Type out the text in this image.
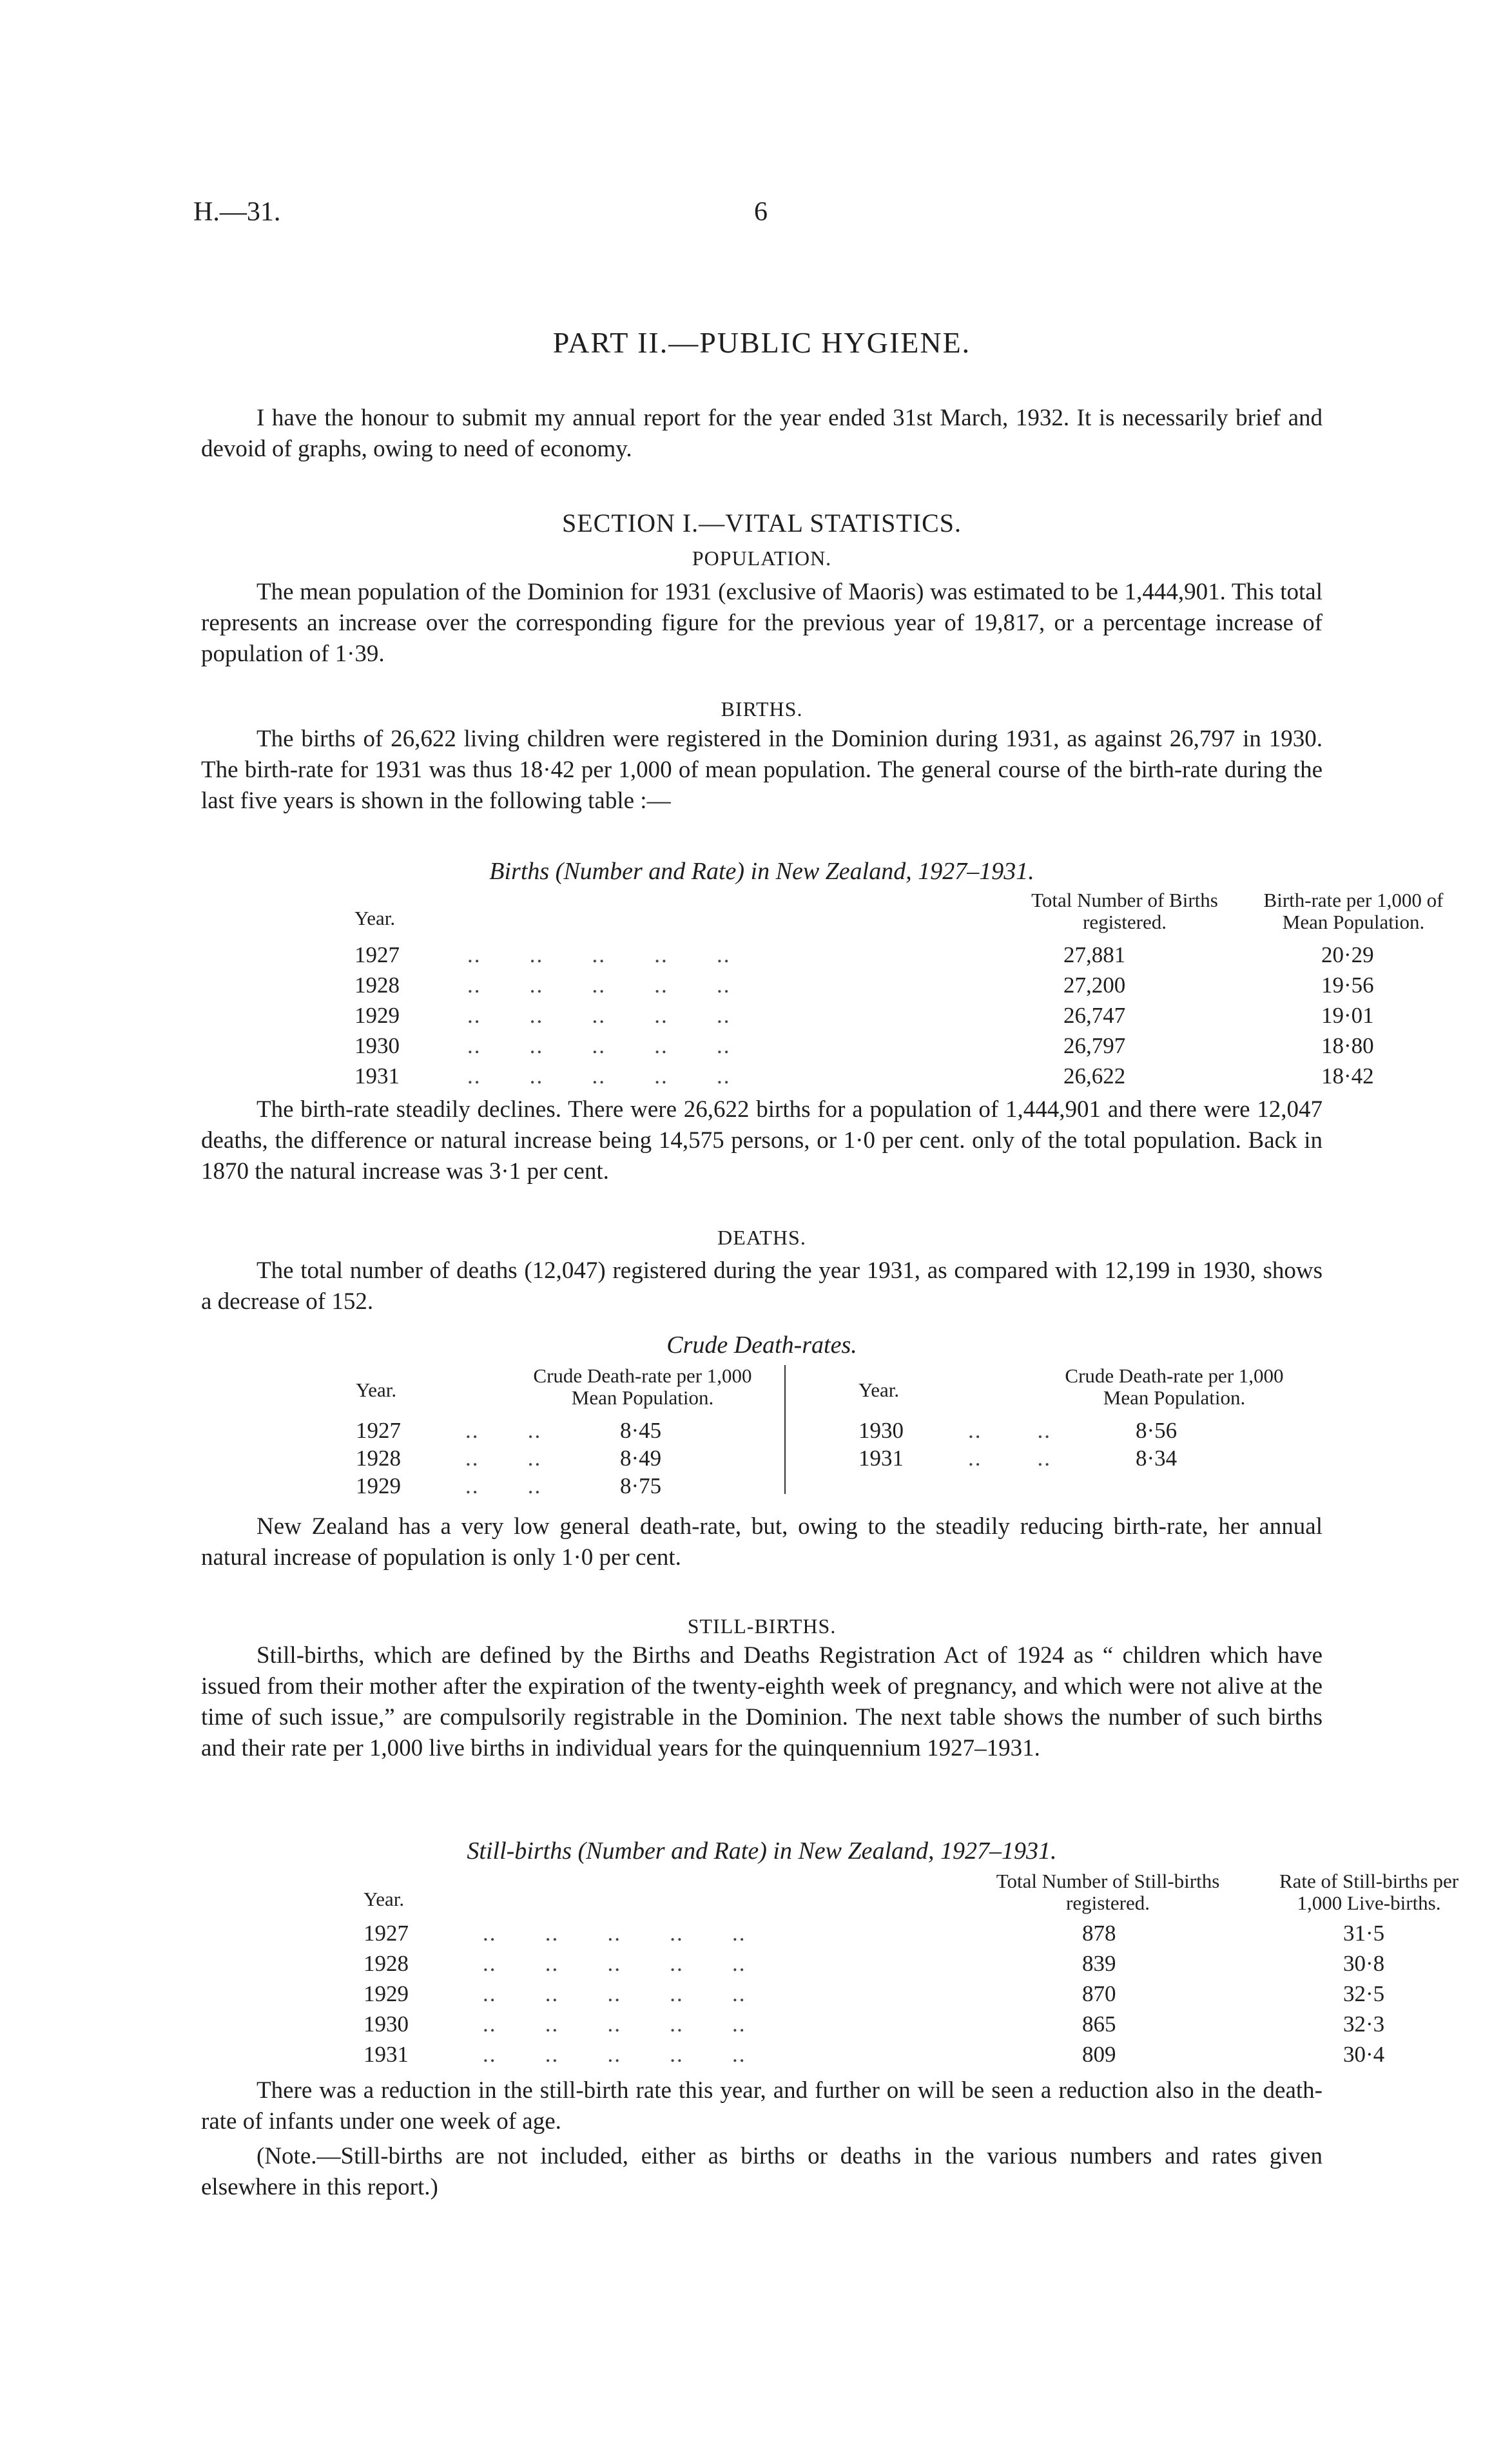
H.—31.	6
PART II.—PUBLIC HYGIENE.
I have the honour to submit my annual report for the year ended 31st March, 1932. It is necessarily brief and devoid of graphs, owing to need of economy.
SECTION I.—VITAL STATISTICS.
POPULATION.
The mean population of the Dominion for 1931 (exclusive of Maoris) was estimated to be 1,444,901. This total represents an increase over the corresponding figure for the previous year of 19,817, or a percentage increase of population of 1·39.
BIRTHS.
The births of 26,622 living children were registered in the Dominion during 1931, as against 26,797 in 1930. The birth-rate for 1931 was thus 18·42 per 1,000 of mean population. The general course of the birth-rate during the last five years is shown in the following table :—
Births (Number and Rate) in New Zealand, 1927–1931.
Year.
Total Number of Births registered.
Birth-rate per 1,000 of Mean Population.
1927	..       ..       ..       ..       ..	27,881	20·29
1928	..       ..       ..       ..       ..	27,200	19·56
1929	..       ..       ..       ..       ..	26,747	19·01
1930	..       ..       ..       ..       ..	26,797	18·80
1931	..       ..       ..       ..       ..	26,622	18·42
The birth-rate steadily declines. There were 26,622 births for a population of 1,444,901 and there were 12,047 deaths, the difference or natural increase being 14,575 persons, or 1·0 per cent. only of the total population. Back in 1870 the natural increase was 3·1 per cent.
DEATHS.
The total number of deaths (12,047) registered during the year 1931, as compared with 12,199 in 1930, shows a decrease of 152.
Crude Death-rates.
Year.
Crude Death-rate per 1,000 Mean Population.	Year.
Crude Death-rate per 1,000 Mean Population.
1927	..       ..	8·45
1928	..       ..	8·49
1929	..       ..	8·75
1930	..        ..	8·56
1931	..        ..	8·34
New Zealand has a very low general death-rate, but, owing to the steadily reducing birth-rate, her annual natural increase of population is only 1·0 per cent.
STILL-BIRTHS.
Still-births, which are defined by the Births and Deaths Registration Act of 1924 as “ children which have issued from their mother after the expiration of the twenty-eighth week of pregnancy, and which were not alive at the time of such issue,” are compulsorily registrable in the Dominion. The next table shows the number of such births and their rate per 1,000 live births in individual years for the quinquennium 1927–1931.
Still-births (Number and Rate) in New Zealand, 1927–1931.
Year.
Total Number of Still-births registered.
Rate of Still-births per 1,000 Live-births.
1927	..       ..       ..       ..       ..	878	31·5
1928	..       ..       ..       ..       ..	839	30·8
1929	..       ..       ..       ..       ..	870	32·5
1930	..       ..       ..       ..       ..	865	32·3
1931	..       ..       ..       ..       ..	809	30·4
There was a reduction in the still-birth rate this year, and further on will be seen a reduction also in the death-rate of infants under one week of age.
(Note.—Still-births are not included, either as births or deaths in the various numbers and rates given elsewhere in this report.)
